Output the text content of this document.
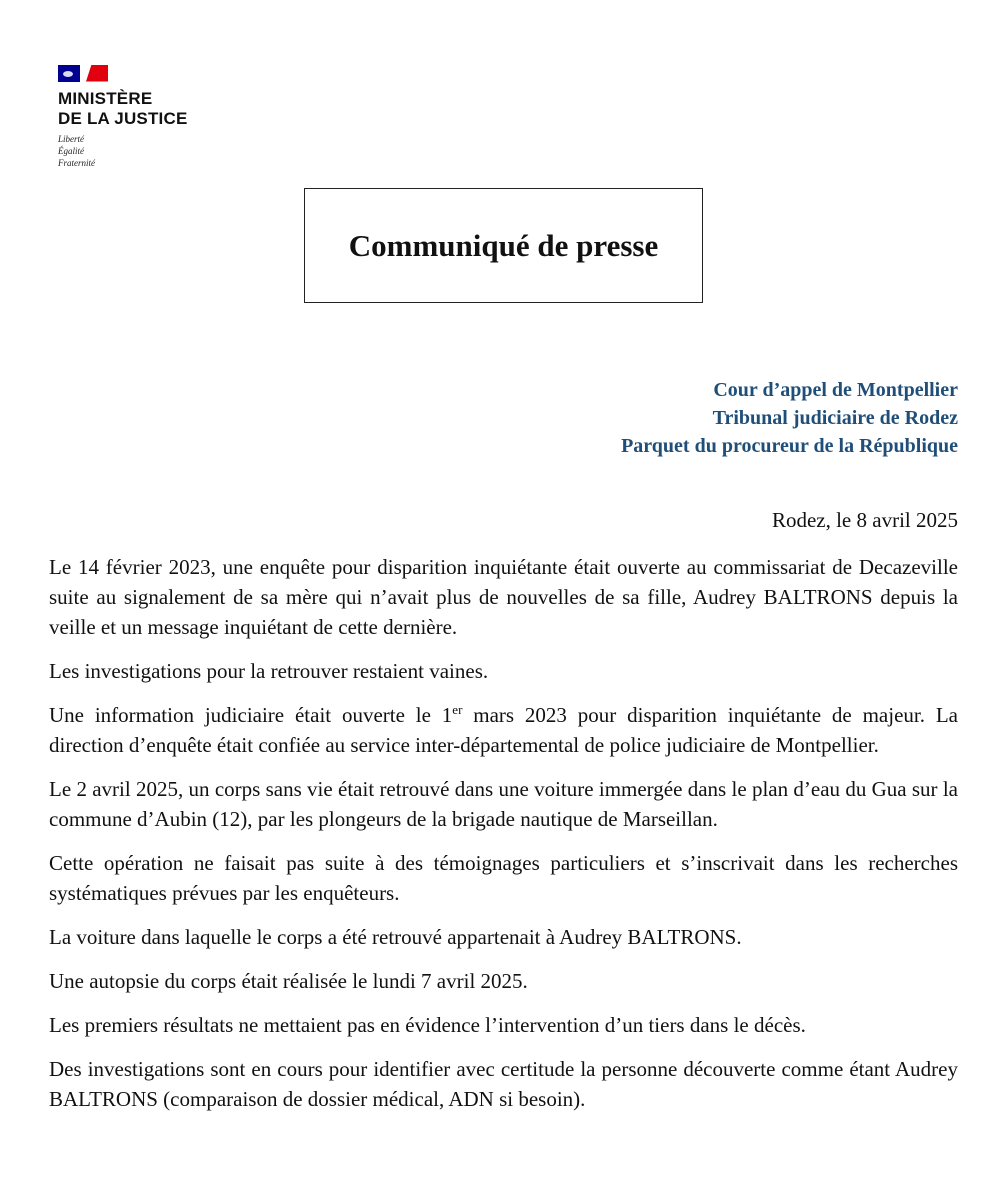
MINISTÈRE
DE LA JUSTICE
Liberté
Égalité
Fraternité
Communiqué de presse
Cour d’appel de Montpellier
Tribunal judiciaire de Rodez
Parquet du procureur de la République
Rodez, le 8 avril 2025

Le 14 février 2023, une enquête pour disparition inquiétante était ouverte au commissariat de Decazeville suite au signalement de sa mère qui n’avait plus de nouvelles de sa fille, Audrey BALTRONS depuis la veille et un message inquiétant de cette dernière.

Les investigations pour la retrouver restaient vaines.

Une information judiciaire était ouverte le 1er mars 2023 pour disparition inquiétante de majeur. La direction d’enquête était confiée au service inter-départemental de police judiciaire de Montpellier.

Le 2 avril 2025, un corps sans vie était retrouvé dans une voiture immergée dans le plan d’eau du Gua sur la commune d’Aubin (12), par les plongeurs de la brigade nautique de Marseillan.

Cette opération ne faisait pas suite à des témoignages particuliers et s’inscrivait dans les recherches systématiques prévues par les enquêteurs.

La voiture dans laquelle le corps a été retrouvé appartenait à Audrey BALTRONS.

Une autopsie du corps était réalisée le lundi 7 avril 2025.

Les premiers résultats ne mettaient pas en évidence l’intervention d’un tiers dans le décès.

Des investigations sont en cours pour identifier avec certitude la personne découverte comme étant Audrey BALTRONS (comparaison de dossier médical, ADN si besoin).
